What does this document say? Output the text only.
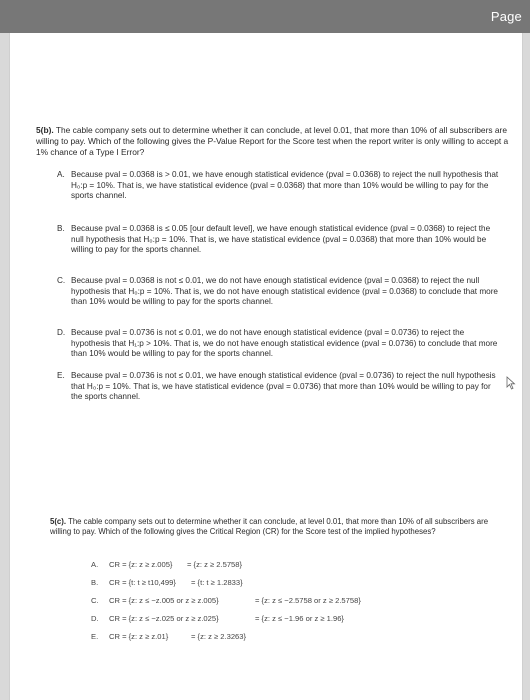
Page
5(b). The cable company sets out to determine whether it can conclude, at level 0.01, that more than 10% of all subscribers are willing to pay. Which of the following gives the P-Value Report for the Score test when the report writer is only willing to accept a 1% chance of a Type I Error?
A. Because pval = 0.0368 is > 0.01, we have enough statistical evidence (pval = 0.0368) to reject the null hypothesis that H₀:p = 10%. That is, we have statistical evidence (pval = 0.0368) that more than 10% would be willing to pay for the sports channel.
B. Because pval = 0.0368 is ≤ 0.05 [our default level], we have enough statistical evidence (pval = 0.0368) to reject the null hypothesis that H₀:p = 10%. That is, we have statistical evidence (pval = 0.0368) that more than 10% would be willing to pay for the sports channel.
C. Because pval = 0.0368 is not ≤ 0.01, we do not have enough statistical evidence (pval = 0.0368) to reject the null hypothesis that H₀:p = 10%. That is, we do not have enough statistical evidence (pval = 0.0368) to conclude that more than 10% would be willing to pay for the sports channel.
D. Because pval = 0.0736 is not ≤ 0.01, we do not have enough statistical evidence (pval = 0.0736) to reject the hypothesis that H₁:p > 10%. That is, we do not have enough statistical evidence (pval = 0.0736) to conclude that more than 10% would be willing to pay for the sports channel.
E. Because pval = 0.0736 is not ≤ 0.01, we have enough statistical evidence (pval = 0.0736) to reject the null hypothesis that H₀:p = 10%. That is, we have statistical evidence (pval = 0.0736) that more than 10% would be willing to pay for the sports channel.
5(c). The cable company sets out to determine whether it can conclude, at level 0.01, that more than 10% of all subscribers are willing to pay. Which of the following gives the Critical Region (CR) for the Score test of the implied hypotheses?
A. CR = {z: z ≥ z.005} = {z: z ≥ 2.5758}
B. CR = {t: t ≥ t10,499} = {t: t ≥ 1.2833}
C. CR = {z: z ≤ −z.005 or z ≥ z.005}	= {z: z ≤ −2.5758 or z ≥ 2.5758}
D. CR = {z: z ≤ −z.025 or z ≥ z.025}	= {z: z ≤ −1.96 or z ≥ 1.96}
E. CR = {z: z ≥ z.01}	= {z: z ≥ 2.3263}
